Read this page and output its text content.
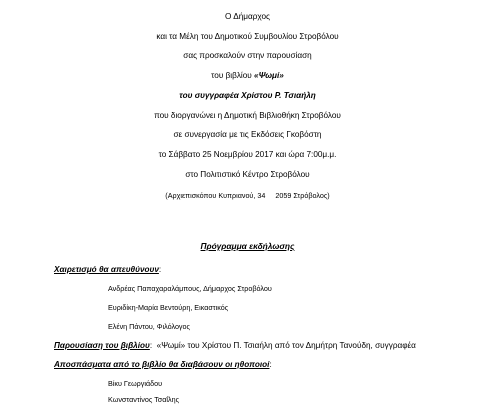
Ο Δήμαρχος
και τα Μέλη του Δημοτικού Συμβουλίου Στροβόλου
σας προσκαλούν στην παρουσίαση
του βιβλίου «Ψωμί»
του συγγραφέα Χρίστου Ρ. Τσιαήλη
που διοργανώνει η Δημοτική Βιβλιοθήκη Στροβόλου
σε συνεργασία με τις Εκδόσεις Γκοβόστη
το Σάββατο 25 Νοεμβρίου 2017 και ώρα 7:00μ.μ.
στο Πολιτιστικό Κέντρο Στροβόλου
(Αρχιεπισκόπου Κυπριανού, 34     2059 Στρόβολος)
Πρόγραμμα εκδήλωσης
Χαιρετισμό θα απευθύνουν:
Ανδρέας Παπαχαραλάμπους, Δήμαρχος Στροβόλου
Ευριδίκη-Μαρία Βεντούρη, Εικαστικός
Ελένη Πάντου, Φιλόλογος
Παρουσίαση του βιβλίου:  «Ψωμί» του Χρίστου Π. Τσιαήλη από τον Δημήτρη Τανούδη, συγγραφέα
Αποσπάσματα από το βιβλίο θα διαβάσουν οι ηθοποιοί:
Βίκυ Γεωργιάδου
Κωνσταντίνος Τσαΐλης
